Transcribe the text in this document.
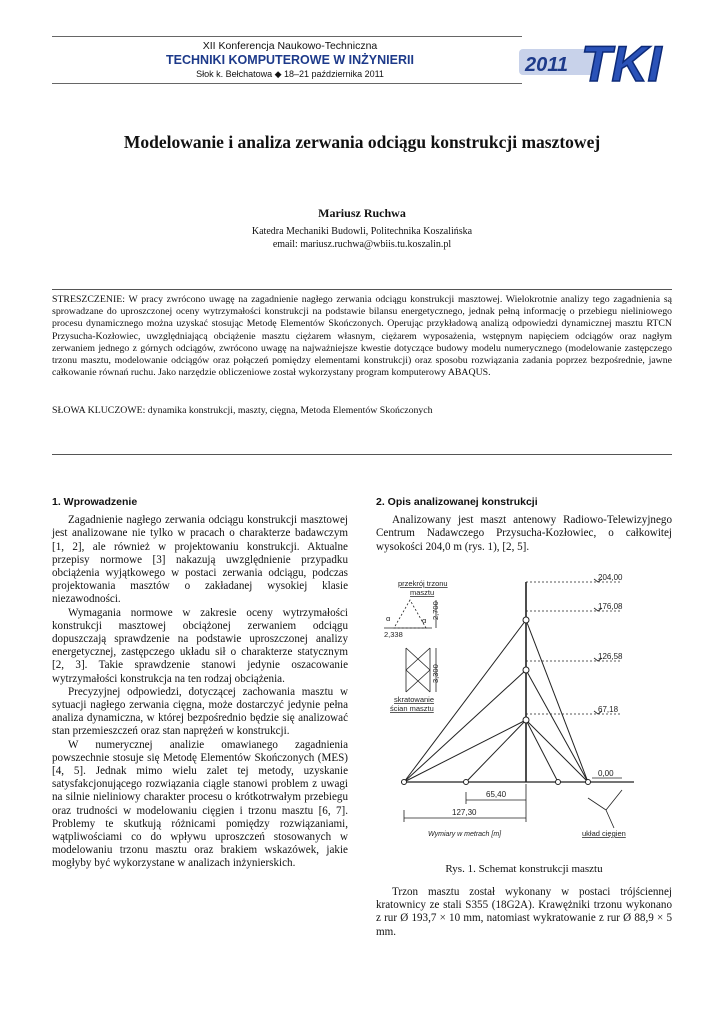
XII Konferencja Naukowo-Techniczna
TECHNIKI KOMPUTEROWE W INŻYNIERII
Słok k. Bełchatowa ◆ 18–21 października 2011	2011 TKI
Modelowanie i analiza zerwania odciągu konstrukcji masztowej
Mariusz Ruchwa
Katedra Mechaniki Budowli, Politechnika Koszalińska
email: mariusz.ruchwa@wbiis.tu.koszalin.pl
STRESZCZENIE: W pracy zwrócono uwagę na zagadnienie nagłego zerwania odciągu konstrukcji masztowej. Wielokrotnie analizy tego zagadnienia są sprowadzane do uproszczonej oceny wytrzymałości konstrukcji na podstawie bilansu energetycznego, jednak pełną informację o przebiegu nieliniowego procesu dynamicznego można uzyskać stosując Metodę Elementów Skończonych. Operując przykładową analizą odpowiedzi dynamicznej masztu RTCN Przysucha-Kozłowiec, uwzględniającą obciążenie masztu ciężarem własnym, ciężarem wyposażenia, wstępnym napięciem odciągów oraz nagłym zerwaniem jednego z górnych odciągów, zwrócono uwagę na najważniejsze kwestie dotyczące budowy modelu numerycznego (modelowanie zastępczego trzonu masztu, modelowanie odciągów oraz połączeń pomiędzy elementami konstrukcji) oraz sposobu rozwiązania zadania poprzez bezpośrednie, jawne całkowanie równań ruchu. Jako narzędzie obliczeniowe został wykorzystany program komputerowy ABAQUS.
SŁOWA KLUCZOWE: dynamika konstrukcji, maszty, cięgna, Metoda Elementów Skończonych
1. Wprowadzenie

Zagadnienie nagłego zerwania odciągu konstrukcji masztowej jest analizowane nie tylko w pracach o charakterze badawczym [1, 2], ale również w projektowaniu konstrukcji. Aktualne przepisy normowe [3] nakazują uwzględnienie przypadku obciążenia wyjątkowego w postaci zerwania odciągu, podczas projektowania masztów o zakładanej wysokiej klasie niezawodności.

Wymagania normowe w zakresie oceny wytrzymałości konstrukcji masztowej obciążonej zerwaniem odciągu dopuszczają sprawdzenie na podstawie uproszczonej analizy energetycznej, zastępczego układu sił o charakterze statycznym [2, 3]. Takie sprawdzenie stanowi jedynie oszacowanie wytrzymałości konstrukcja na ten rodzaj obciążenia.

Precyzyjnej odpowiedzi, dotyczącej zachowania masztu w sytuacji nagłego zerwania cięgna, może dostarczyć jedynie pełna analiza dynamiczna, w której bezpośrednio będzie się analizować stan przemieszczeń oraz stan naprężeń w konstrukcji.

W numerycznej analizie omawianego zagadnienia powszechnie stosuje się Metodę Elementów Skończonych (MES) [4, 5]. Jednak mimo wielu zalet tej metody, uzyskanie satysfakcjonującego rozwiązania ciągle stanowi problem z uwagi na silnie nieliniowy charakter procesu o krótkotrwałym przebiegu oraz trudności w modelowaniu cięgien i trzonu masztu [6, 7]. Problemy te skutkują różnicami pomiędzy rozwiązaniami, wątpliwościami co do wpływu uproszczeń stosowanych w modelowaniu trzonu masztu oraz brakiem wskazówek, jakie mogłyby być wykorzystane w analizach inżynierskich.

2. Opis analizowanej konstrukcji

Analizowany jest maszt antenowy Radiowo-Telewizyjnego Centrum Nadawczego Przysucha-Kozłowiec, o całkowitej wysokości 204,0 m (rys. 1), [2, 5].

204,00
176,08
126,58
67,18
0,00
przekrój trzonu
masztu
2,338
2,700
α
α
3,300
skratowanie
ścian masztu
65,40
127,30
Wymiary w metrach [m]	układ cięgien
Rys. 1. Schemat konstrukcji masztu

Trzon masztu został wykonany w postaci trójściennej kratownicy ze stali S355 (18G2A). Krawężniki trzonu wykonano z rur Ø 193,7 × 10 mm, natomiast wykratowanie z rur Ø 88,9 × 5 mm.
